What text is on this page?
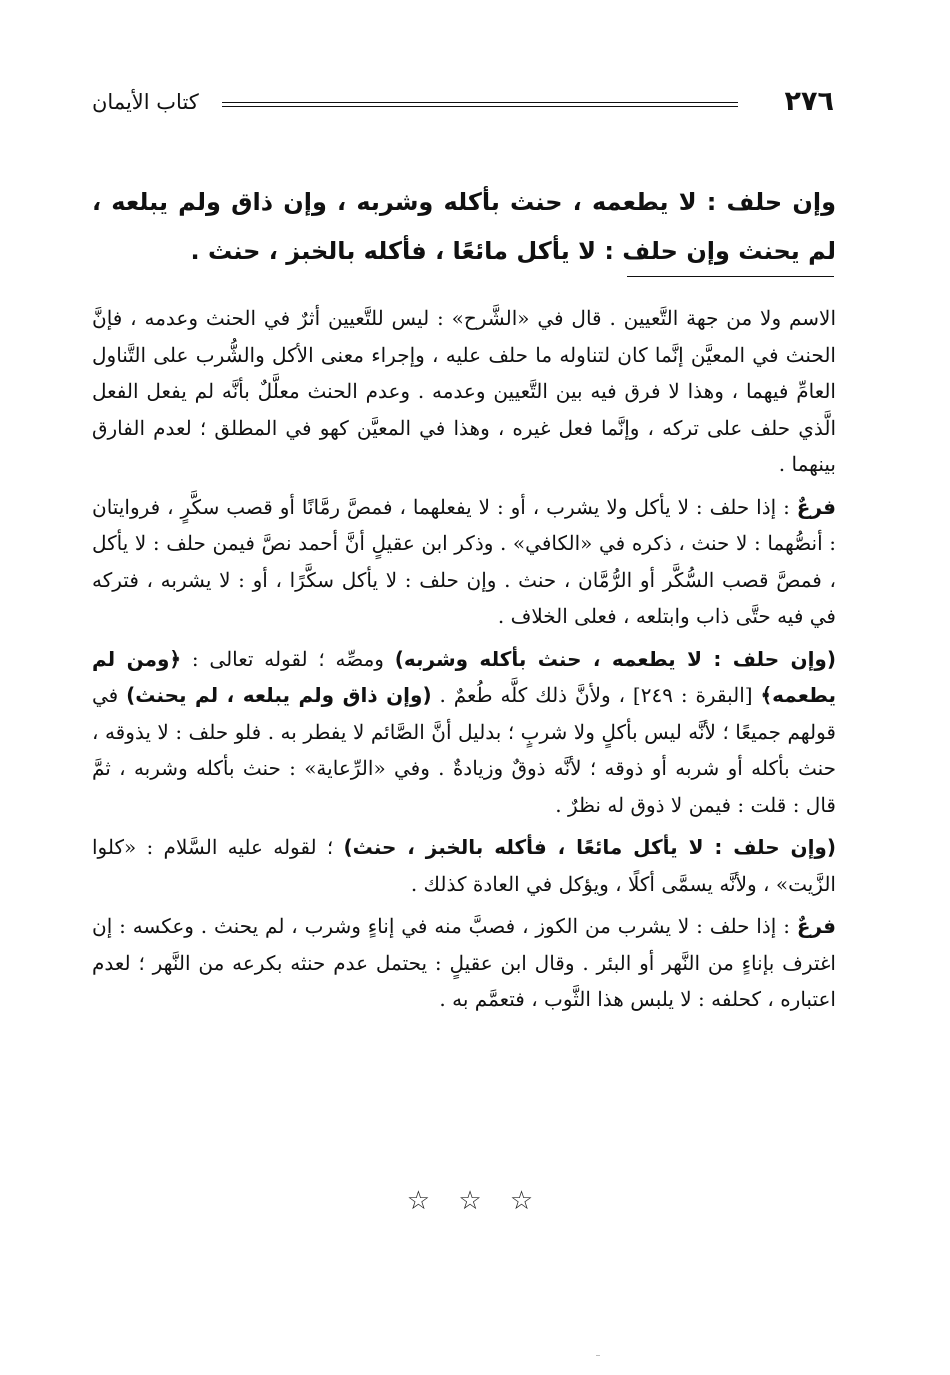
كتاب الأيمان	٢٧٦
وإن حلف : لا يطعمه ، حنث بأكله وشربه ، وإن ذاق ولم يبلعه ، لم يحنث وإن حلف : لا يأكل مائعًا ، فأكله بالخبز ، حنث .

الاسم ولا من جهة التَّعيين . قال في «الشَّرح» : ليس للتَّعيين أثرٌ في الحنث وعدمه ، فإنَّ الحنث في المعيَّن إنَّما كان لتناوله ما حلف عليه ، وإجراء معنى الأكل والشُّرب على التَّناول العامِّ فيهما ، وهذا لا فرق فيه بين التَّعيين وعدمه . وعدم الحنث معلَّلٌ بأنَّه لم يفعل الفعل الَّذي حلف على تركه ، وإنَّما فعل غيره ، وهذا في المعيَّن كهو في المطلق ؛ لعدم الفارق بينهما .

فرعٌ : إذا حلف : لا يأكل ولا يشرب ، أو : لا يفعلهما ، فمصَّ رمَّانًا أو قصب سكَّرٍ ، فروايتان : أنصُّهما : لا حنث ، ذكره في «الكافي» . وذكر ابن عقيلٍ أنَّ أحمد نصَّ فيمن حلف : لا يأكل ، فمصَّ قصب السُّكَّر أو الرُّمَّان ، حنث . وإن حلف : لا يأكل سكَّرًا ، أو : لا يشربه ، فتركه في فيه حتَّى ذاب وابتلعه ، فعلى الخلاف .

(وإن حلف : لا يطعمه ، حنث بأكله وشربه) ومصِّه ؛ لقوله تعالى : ﴿ومن لم يطعمه﴾ [البقرة : ٢٤٩] ، ولأنَّ ذلك كلَّه طُعمٌ . (وإن ذاق ولم يبلعه ، لم يحنث) في قولهم جميعًا ؛ لأنَّه ليس بأكلٍ ولا شربٍ ؛ بدليل أنَّ الصَّائم لا يفطر به . فلو حلف : لا يذوقه ، حنث بأكله أو شربه أو ذوقه ؛ لأنَّه ذوقٌ وزيادةٌ . وفي «الرِّعاية» : حنث بأكله وشربه ، ثمَّ قال : قلت : فيمن لا ذوق له نظرٌ .

(وإن حلف : لا يأكل مائعًا ، فأكله بالخبز ، حنث) ؛ لقوله عليه السَّلام : «كلوا الزَّيت» ، ولأنَّه يسمَّى أكلًا ، ويؤكل في العادة كذلك .

فرعٌ : إذا حلف : لا يشرب من الكوز ، فصبَّ منه في إناءٍ وشرب ، لم يحنث . وعكسه : إن اغترف بإناءٍ من النَّهر أو البئر . وقال ابن عقيلٍ : يحتمل عدم حنثه بكرعه من النَّهر ؛ لعدم اعتباره ، كحلفه : لا يلبس هذا الثَّوب ، فتعمَّم به .

☆ ☆ ☆
